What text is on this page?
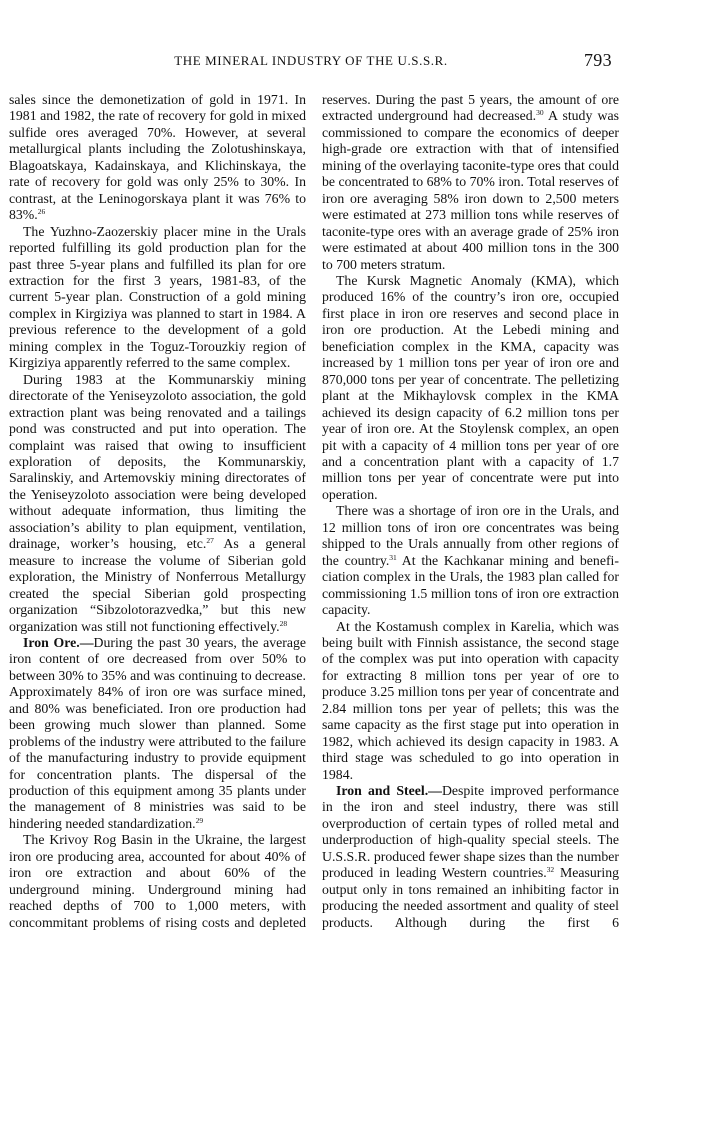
THE MINERAL INDUSTRY OF THE U.S.S.R.	793

sales since the demonetization of gold in 1971. In 1981 and 1982, the rate of recovery for gold in mixed sulfide ores averaged 70%. However, at several metallurgical plants including the Zolotushinskaya, Blagoatskaya, Kadainskaya, and Klichinskaya, the rate of recovery for gold was only 25% to 30%. In contrast, at the Leninogorskaya plant it was 76% to 83%.$^{26}$

The Yuzhno-Zaozerskiy placer mine in the Urals reported fulfilling its gold production plan for the past three 5-year plans and fulfilled its plan for ore extraction for the first 3 years, 1981-83, of the current 5-year plan. Construction of a gold mining complex in Kirgiziya was planned to start in 1984. A previous reference to the development of a gold mining complex in the Toguz-Torouzkiy region of Kirgiziya apparently referred to the same complex.

During 1983 at the Kommunarskiy mining directorate of the Yeniseyzoloto association, the gold extraction plant was being renovated and a tailings pond was constructed and put into operation. The complaint was raised that owing to insufficient exploration of deposits, the Kommunarskiy, Saralinskiy, and Artemovskiy mining directorates of the Yeniseyzoloto association were being developed without adequate information, thus limiting the association’s ability to plan equipment, ventilation, drainage, worker’s housing, etc.$^{27}$ As a general measure to increase the volume of Siberian gold exploration, the Ministry of Nonferrous Metallurgy created the special Siberian gold prospecting organization “Sibzolotorazvedka,” but this new organization was still not functioning effectively.$^{28}$

Iron Ore.—During the past 30 years, the average iron content of ore decreased from over 50% to between 30% to 35% and was continuing to decrease. Approximately 84% of iron ore was surface mined, and 80% was beneficiated. Iron ore production had been growing much slower than planned. Some problems of the industry were attributed to the failure of the manufacturing industry to provide equipment for concentration plants. The dispersal of the production of this equipment among 35 plants under the management of 8 ministries was said to be hindering needed standardization.$^{29}$

The Krivoy Rog Basin in the Ukraine, the largest iron ore producing area, accounted for about 40% of iron ore extraction and about 60% of the underground mining. Underground mining had reached depths of 700 to 1,000 meters, with concommitant problems of rising costs and depleted

reserves. During the past 5 years, the amount of ore extracted underground had decreased.$^{30}$ A study was commissioned to compare the economics of deeper high-grade ore extraction with that of intensified mining of the overlaying taconite-type ores that could be concentrated to 68% to 70% iron. Total reserves of iron ore averaging 58% iron down to 2,500 meters were estimated at 273 million tons while reserves of taconite-type ores with an average grade of 25% iron were estimated at about 400 million tons in the 300 to 700 meters stratum.

The Kursk Magnetic Anomaly (KMA), which produced 16% of the country’s iron ore, occupied first place in iron ore reserves and second place in iron ore production. At the Lebedi mining and beneficiation complex in the KMA, capacity was increased by 1 million tons per year of iron ore and 870,000 tons per year of concentrate. The pelletizing plant at the Mikhaylovsk complex in the KMA achieved its design capacity of 6.2 million tons per year of iron ore. At the Stoylensk complex, an open pit with a capacity of 4 million tons per year of ore and a concentration plant with a capacity of 1.7 million tons per year of concentrate were put into operation.

There was a shortage of iron ore in the Urals, and 12 million tons of iron ore concentrates was being shipped to the Urals annually from other regions of the country.$^{31}$ At the Kachkanar mining and beneficiation complex in the Urals, the 1983 plan called for commissioning 1.5 million tons of iron ore extraction capacity.

At the Kostamush complex in Karelia, which was being built with Finnish assistance, the second stage of the complex was put into operation with capacity for extracting 8 million tons per year of ore to produce 3.25 million tons per year of concentrate and 2.84 million tons per year of pellets; this was the same capacity as the first stage put into operation in 1982, which achieved its design capacity in 1983. A third stage was scheduled to go into operation in 1984.

Iron and Steel.—Despite improved performance in the iron and steel industry, there was still overproduction of certain types of rolled metal and underproduction of high-quality special steels. The U.S.S.R. produced fewer shape sizes than the number produced in leading Western countries.$^{32}$ Measuring output only in tons remained an inhibiting factor in producing the needed assortment and quality of steel products. Although during the first 6
